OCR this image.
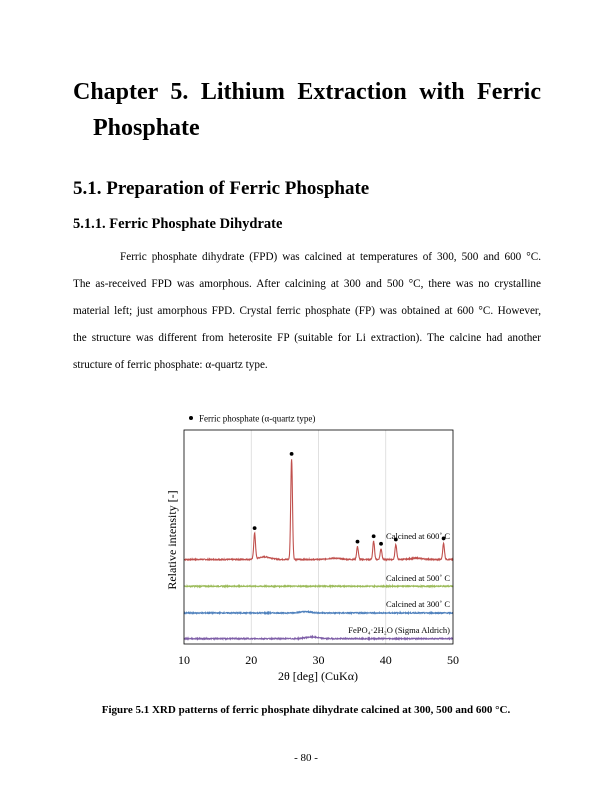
Chapter 5. Lithium Extraction with Ferric
Phosphate
5.1. Preparation of Ferric Phosphate
5.1.1. Ferric Phosphate Dihydrate
Ferric phosphate dihydrate (FPD) was calcined at temperatures of 300, 500 and 600 °C.
The as-received FPD was amorphous. After calcining at 300 and 500 °C, there was no crystalline
material left; just amorphous FPD. Crystal ferric phosphate (FP) was obtained at 600 °C. However,
the structure was different from heterosite FP (suitable for Li extraction). The calcine had another
structure of ferric phosphate: α-quartz type.
Ferric phosphate (α-quartz type)
Relative intensity [-]
2θ [deg] (CuKα)
10	20	30	40	50
Calcined at 600˚ C
Calcined at 500˚ C
Calcined at 300˚ C
FePO₄·2H₂O (Sigma Aldrich)
Figure 5.1 XRD patterns of ferric phosphate dihydrate calcined at 300, 500 and 600 °C.
- 80 -
